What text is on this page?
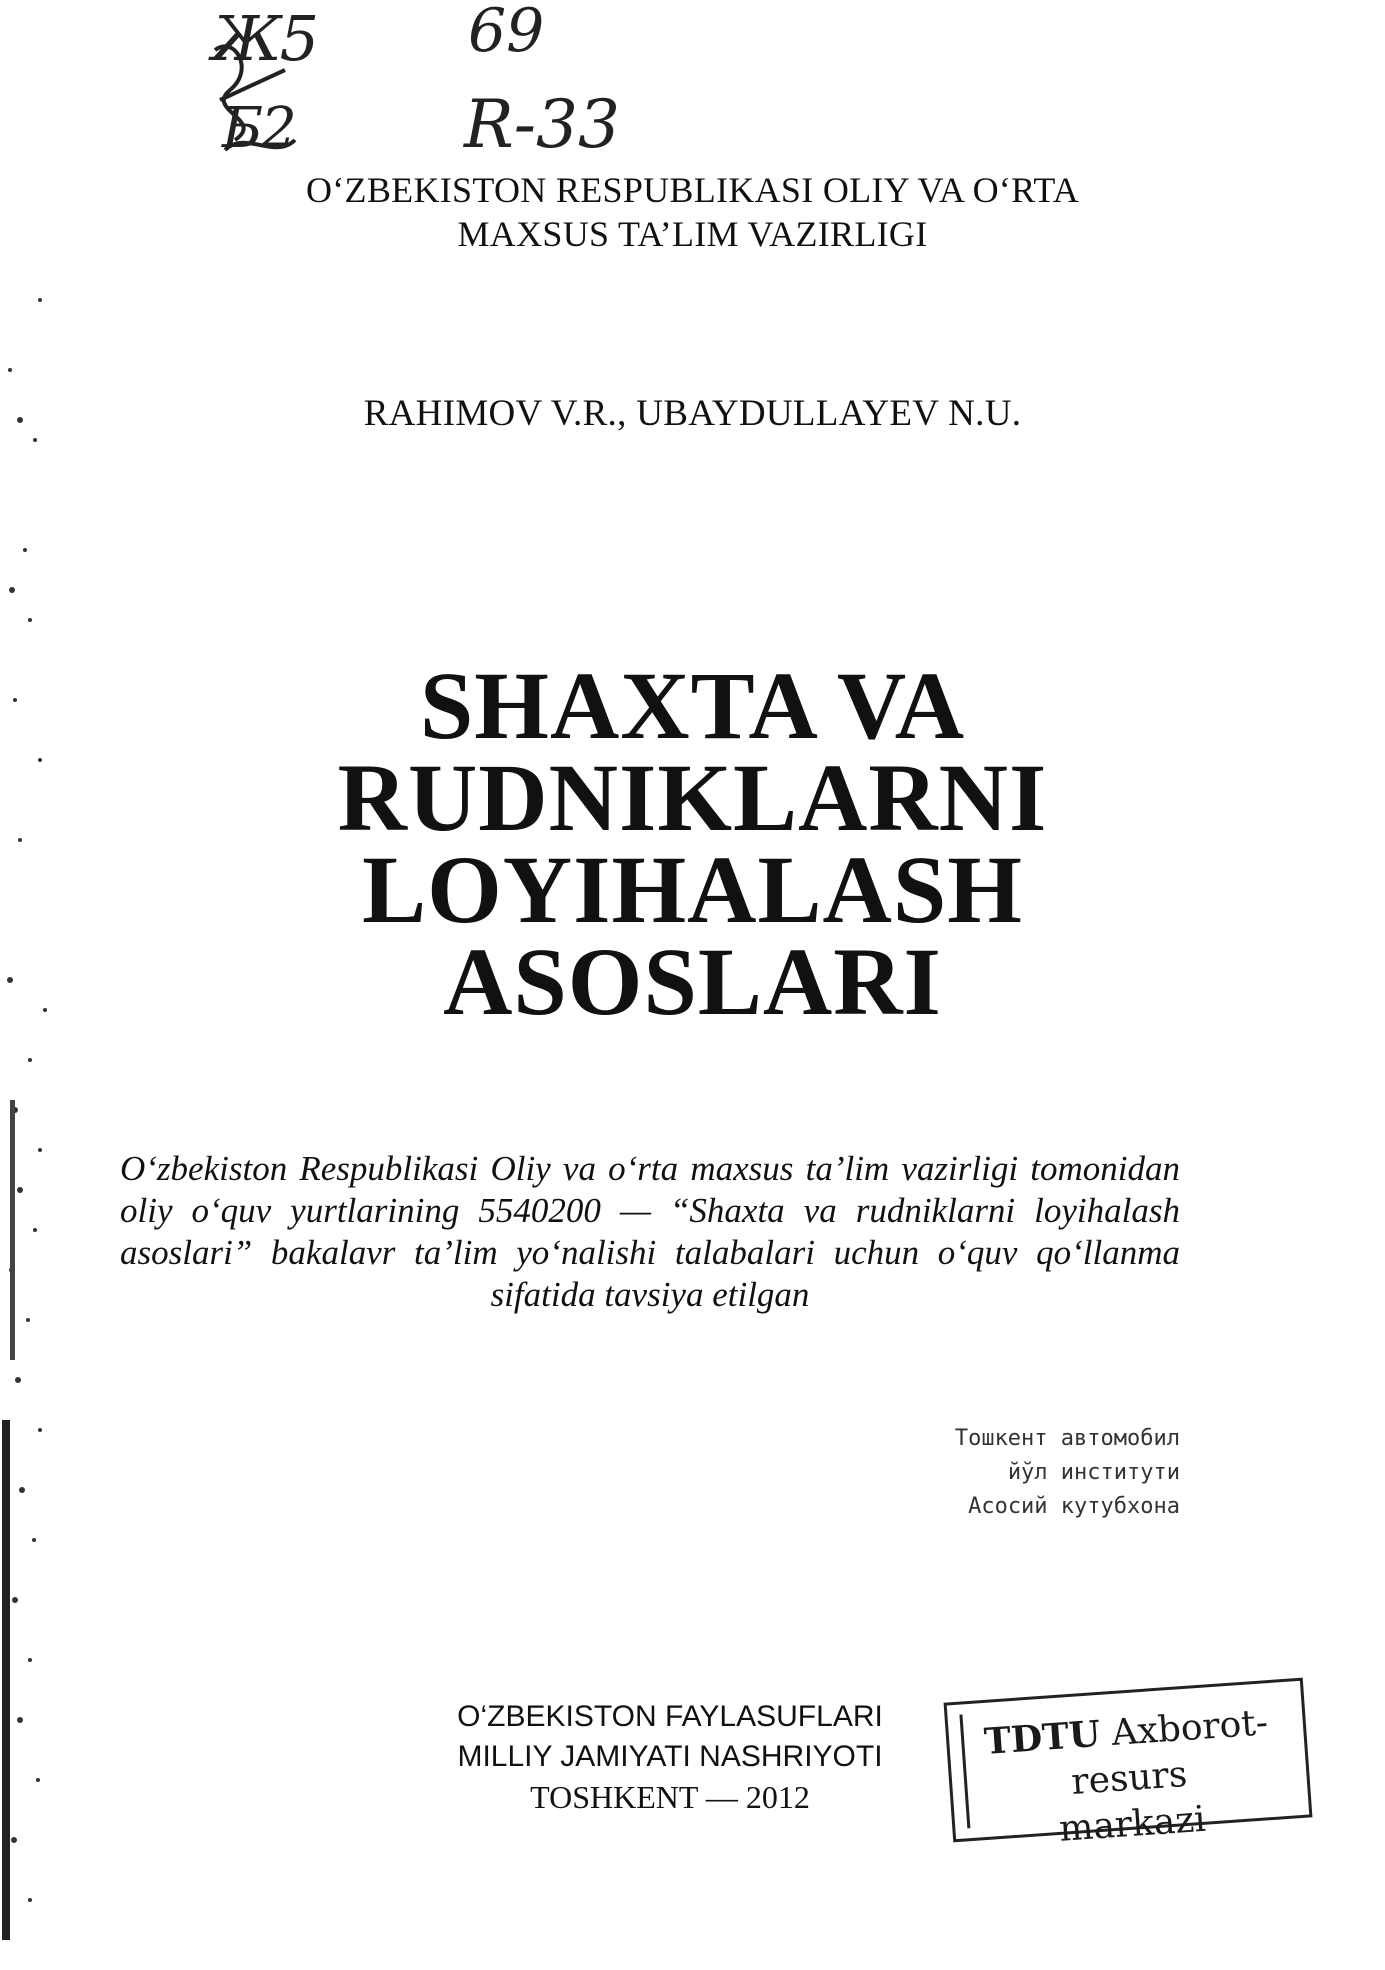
Ж5	69
Б2	R-33
O‘ZBEKISTON RESPUBLIKASI OLIY VA O‘RTA
MAXSUS TA’LIM VAZIRLIGI
RAHIMOV V.R., UBAYDULLAYEV N.U.
SHAXTA VA
RUDNIKLARNI
LOYIHALASH
ASOSLARI
O‘zbekiston Respublikasi Oliy va o‘rta maxsus ta’lim vazirligi tomonidan oliy o‘quv yurtlarining 5540200 — “Shaxta va rudniklarni loyihalash asoslari” bakalavr ta’lim yo‘nalishi talabalari uchun o‘quv qo‘llanma sifatida tavsiya etilgan
Тошкент автомобил
йўл институти
Асосий кутубхона
O‘ZBEKISTON FAYLASUFLARI
MILLIY JAMIYATI NASHRIYOTI
TOSHKENT — 2012
TDTU Axborot-resurs
markazi
